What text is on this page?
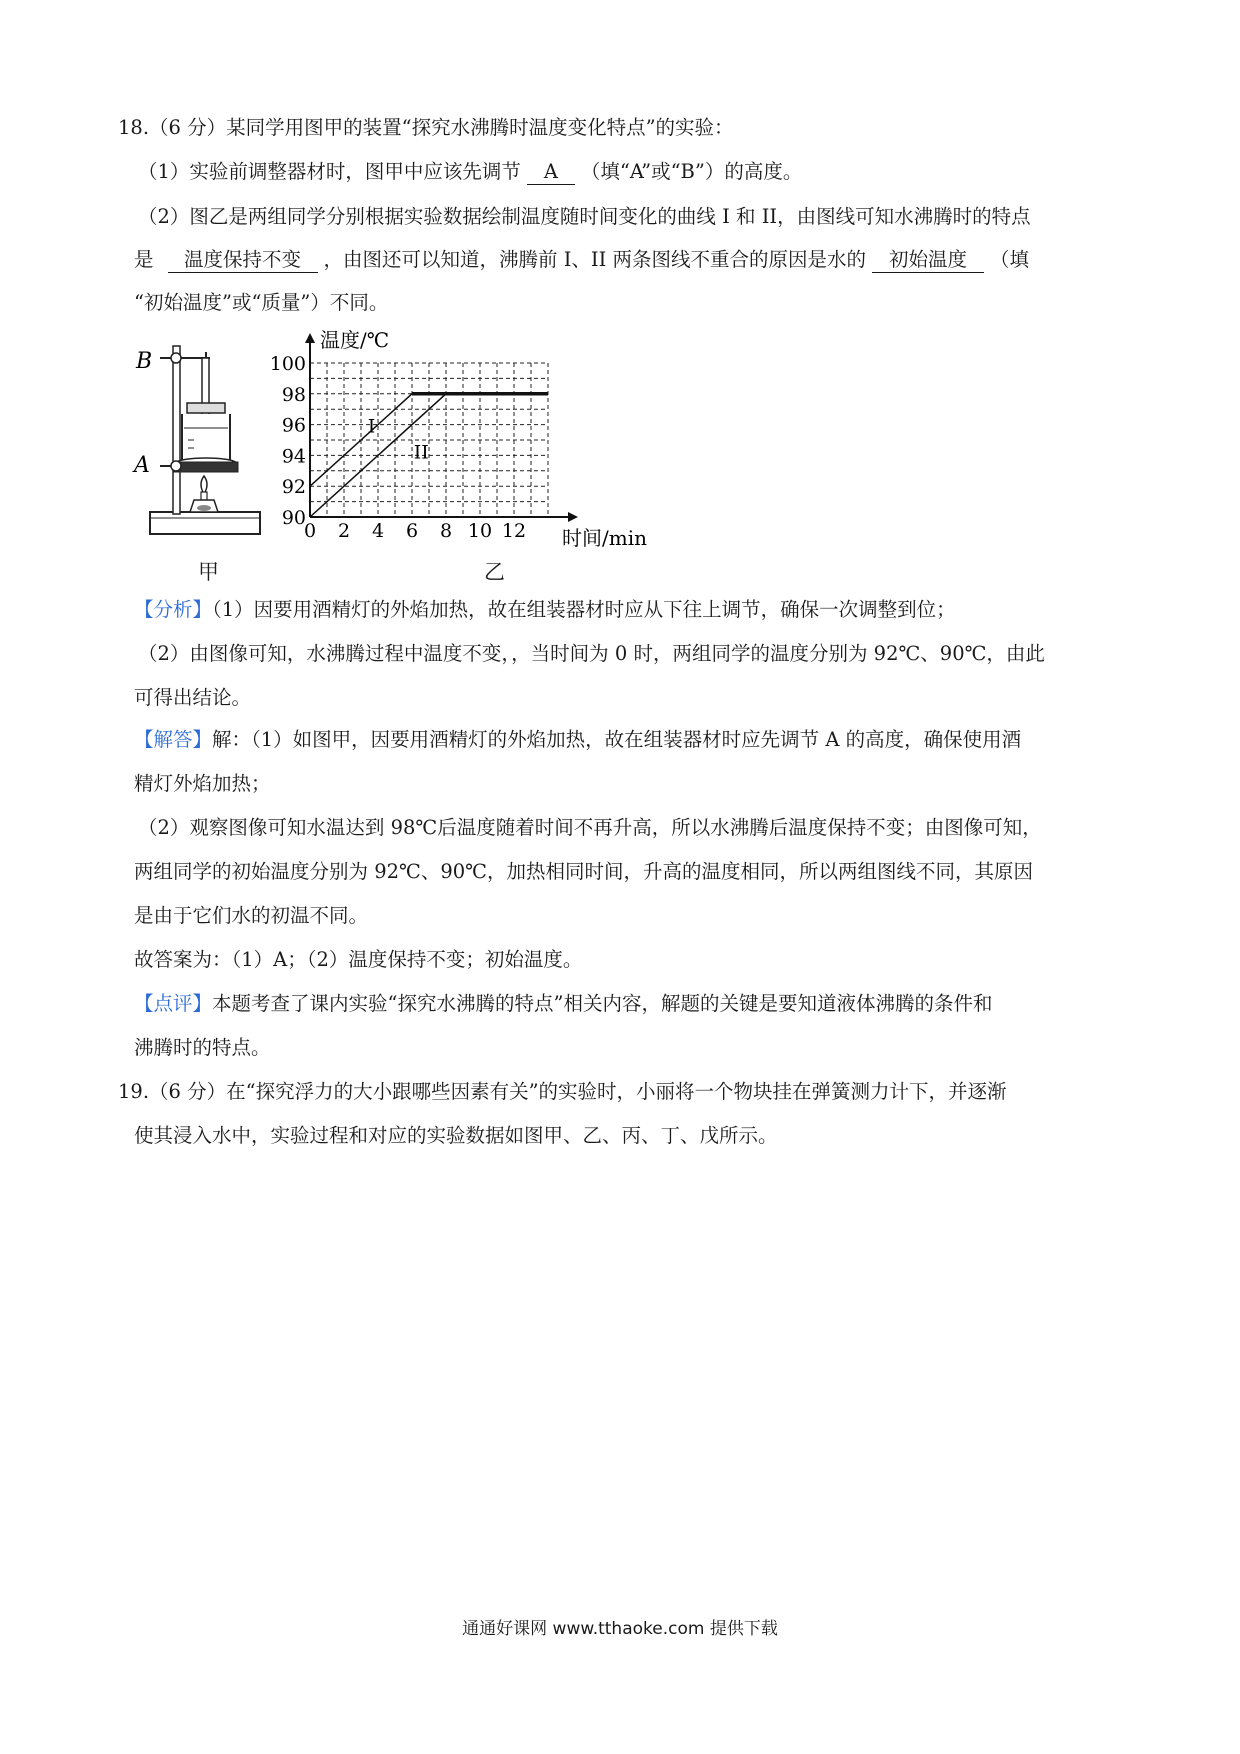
18.（6 分）某同学用图甲的装置“探究水沸腾时温度变化特点”的实验：
（1）实验前调整器材时，图甲中应该先调节 A （填“A”或“B”）的高度。
（2）图乙是两组同学分别根据实验数据绘制温度随时间变化的曲线 I 和 II，由图线可知水沸腾时的特点
是 温度保持不变 ，由图还可以知道，沸腾前 I、II 两条图线不重合的原因是水的 初始温度 （填
“初始温度”或“质量”）不同。
B
A
0 2 4 6 8 10 12
90
92
94
96
98
100
温度/℃
时间/min
I
II
甲	乙
【分析】（1）因要用酒精灯的外焰加热，故在组装器材时应从下往上调节，确保一次调整到位；
（2）由图像可知，水沸腾过程中温度不变，，当时间为 0 时，两组同学的温度分别为 92℃、90℃，由此
可得出结论。
【解答】解：（1）如图甲，因要用酒精灯的外焰加热，故在组装器材时应先调节 A 的高度，确保使用酒
精灯外焰加热；
（2）观察图像可知水温达到 98℃后温度随着时间不再升高，所以水沸腾后温度保持不变；由图像可知，
两组同学的初始温度分别为 92℃、90℃，加热相同时间，升高的温度相同，所以两组图线不同，其原因
是由于它们水的初温不同。
故答案为：（1）A；（2）温度保持不变；初始温度。
【点评】本题考查了课内实验“探究水沸腾的特点”相关内容，解题的关键是要知道液体沸腾的条件和
沸腾时的特点。
19.（6 分）在“探究浮力的大小跟哪些因素有关”的实验时，小丽将一个物块挂在弹簧测力计下，并逐渐
使其浸入水中，实验过程和对应的实验数据如图甲、乙、丙、丁、戊所示。
通通好课网 www.tthaoke.com 提供下载
